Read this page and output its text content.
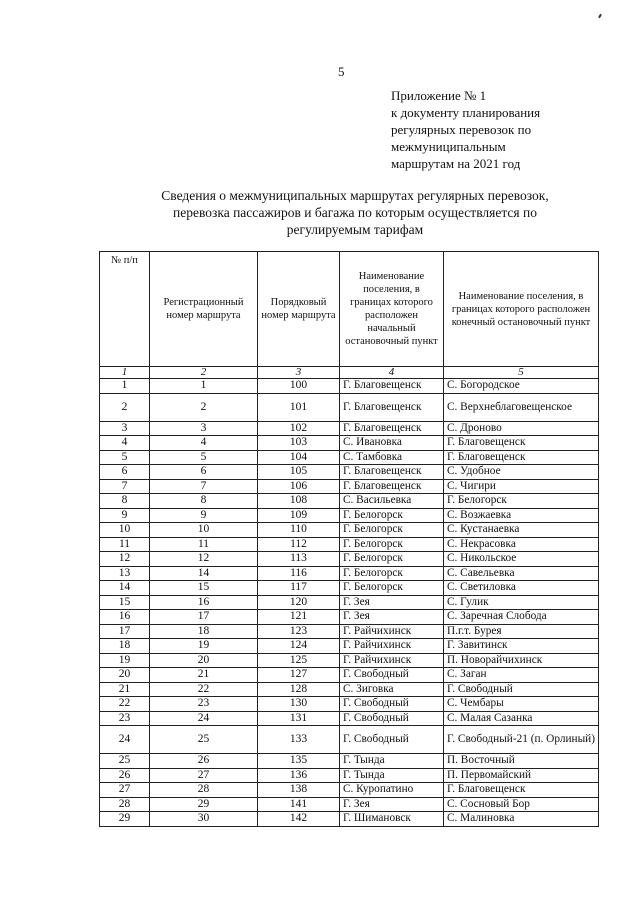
5
Приложение № 1
к документу планирования
регулярных перевозок по
межмуниципальным
маршрутам на 2021 год
Сведения о межмуниципальных маршрутах регулярных перевозок,
перевозка пассажиров и багажа по которым осуществляется по
регулируемым тарифам
№ п/п	Регистрационный номер маршрута	Порядковый номер маршрута	Наименование поселения, в границах которого расположен начальный остановочный пункт	Наименование поселения, в границах которого расположен конечный остановочный пункт
1	2	3	4	5
1	1	100	Г. Благовещенск	С. Богородское
2	2	101	Г. Благовещенск	С. Верхнеблаговещенское
3	3	102	Г. Благовещенск	С. Дроново
4	4	103	С. Ивановка	Г. Благовещенск
5	5	104	С. Тамбовка	Г. Благовещенск
6	6	105	Г. Благовещенск	С. Удобное
7	7	106	Г. Благовещенск	С. Чигири
8	8	108	С. Васильевка	Г. Белогорск
9	9	109	Г. Белогорск	С. Возжаевка
10	10	110	Г. Белогорск	С. Кустанаевка
11	11	112	Г. Белогорск	С. Некрасовка
12	12	113	Г. Белогорск	С. Никольское
13	14	116	Г. Белогорск	С. Савельевка
14	15	117	Г. Белогорск	С. Светиловка
15	16	120	Г. Зея	С. Гулик
16	17	121	Г. Зея	С. Заречная Слобода
17	18	123	Г. Райчихинск	П.г.т. Бурея
18	19	124	Г. Райчихинск	Г. Завитинск
19	20	125	Г. Райчихинск	П. Новорайчихинск
20	21	127	Г. Свободный	С. Заган
21	22	128	С. Зиговка	Г. Свободный
22	23	130	Г. Свободный	С. Чембары
23	24	131	Г. Свободный	С. Малая Сазанка
24	25	133	Г. Свободный	Г. Свободный-21 (п. Орлиный)
25	26	135	Г. Тында	П. Восточный
26	27	136	Г. Тында	П. Первомайский
27	28	138	С. Куропатино	Г. Благовещенск
28	29	141	Г. Зея	С. Сосновый Бор
29	30	142	Г. Шимановск	С. Малиновка
